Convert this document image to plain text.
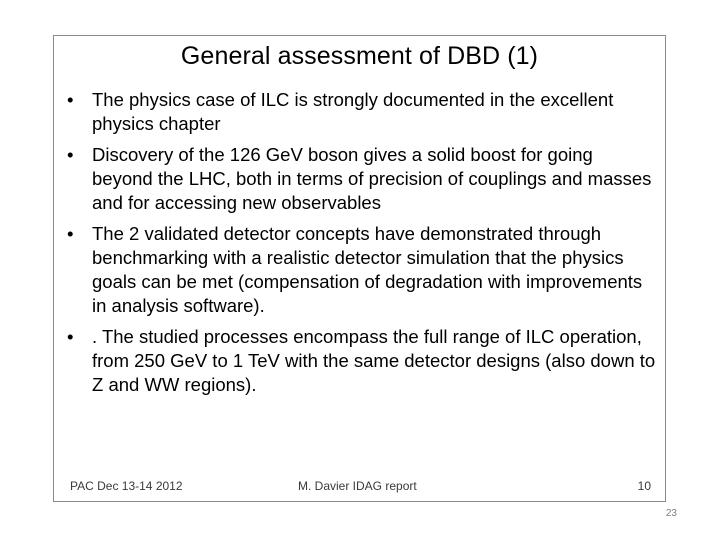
General assessment of DBD (1)
• The physics case of ILC is strongly documented in the excellent physics chapter
• Discovery of the 126 GeV boson gives a solid boost for going beyond the LHC, both in terms of precision of couplings and masses and for accessing new observables
• The 2 validated detector concepts have demonstrated through benchmarking with a realistic detector simulation that the physics goals can be met (compensation of degradation with improvements in analysis software).
• . The studied processes encompass the full range of ILC operation, from 250 GeV to 1 TeV with the same detector designs (also down to Z and WW regions).
PAC Dec 13-14 2012	M. Davier IDAG report	10
23
